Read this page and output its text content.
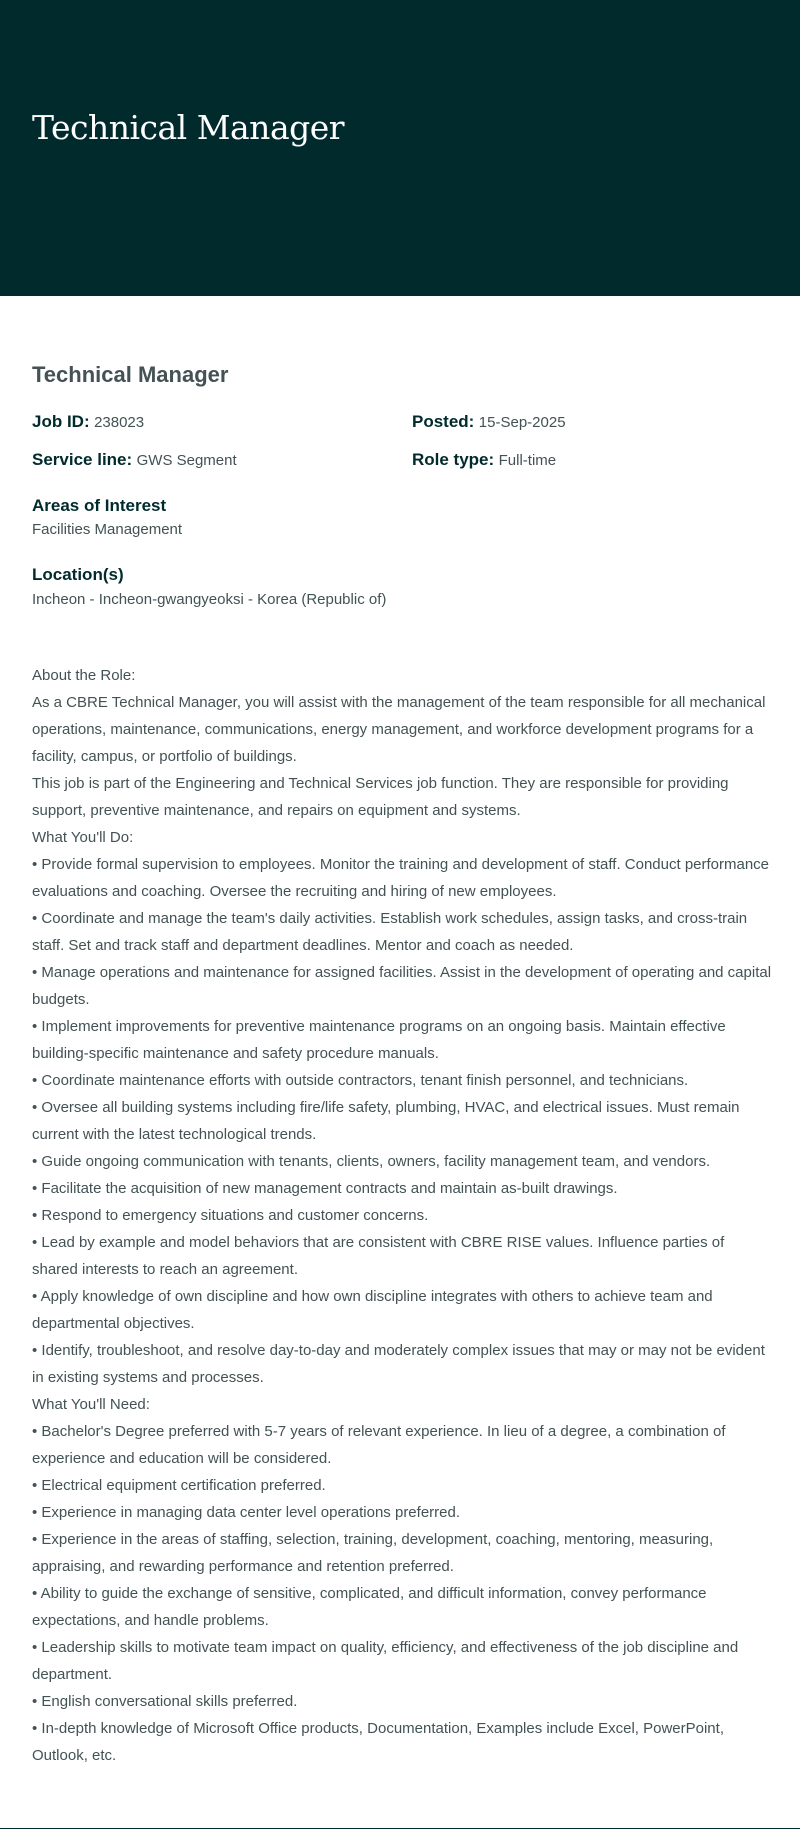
Technical Manager
Technical Manager
Job ID: 238023	Posted: 15-Sep-2025
Service line: GWS Segment	Role type: Full-time
Areas of Interest
Facilities Management
Location(s)
Incheon - Incheon-gwangyeoksi - Korea (Republic of)

About the Role:

As a CBRE Technical Manager, you will assist with the management of the team responsible for all mechanical operations, maintenance, communications, energy management, and workforce development programs for a facility, campus, or portfolio of buildings.

This job is part of the Engineering and Technical Services job function. They are responsible for providing support, preventive maintenance, and repairs on equipment and systems.

What You'll Do:

• Provide formal supervision to employees. Monitor the training and development of staff. Conduct performance evaluations and coaching. Oversee the recruiting and hiring of new employees.

• Coordinate and manage the team's daily activities. Establish work schedules, assign tasks, and cross-train staff. Set and track staff and department deadlines. Mentor and coach as needed.

• Manage operations and maintenance for assigned facilities. Assist in the development of operating and capital budgets.

• Implement improvements for preventive maintenance programs on an ongoing basis. Maintain effective building-specific maintenance and safety procedure manuals.

• Coordinate maintenance efforts with outside contractors, tenant finish personnel, and technicians.

• Oversee all building systems including fire/life safety, plumbing, HVAC, and electrical issues. Must remain current with the latest technological trends.

• Guide ongoing communication with tenants, clients, owners, facility management team, and vendors.

• Facilitate the acquisition of new management contracts and maintain as-built drawings.

• Respond to emergency situations and customer concerns.

• Lead by example and model behaviors that are consistent with CBRE RISE values. Influence parties of shared interests to reach an agreement.

• Apply knowledge of own discipline and how own discipline integrates with others to achieve team and departmental objectives.

• Identify, troubleshoot, and resolve day-to-day and moderately complex issues that may or may not be evident in existing systems and processes.

What You'll Need:

• Bachelor's Degree preferred with 5-7 years of relevant experience. In lieu of a degree, a combination of experience and education will be considered.

• Electrical equipment certification preferred.

• Experience in managing data center level operations preferred.

• Experience in the areas of staffing, selection, training, development, coaching, mentoring, measuring, appraising, and rewarding performance and retention preferred.

• Ability to guide the exchange of sensitive, complicated, and difficult information, convey performance expectations, and handle problems.

• Leadership skills to motivate team impact on quality, efficiency, and effectiveness of the job discipline and department.

• English conversational skills preferred.

• In-depth knowledge of Microsoft Office products, Documentation, Examples include Excel, PowerPoint, Outlook, etc.
